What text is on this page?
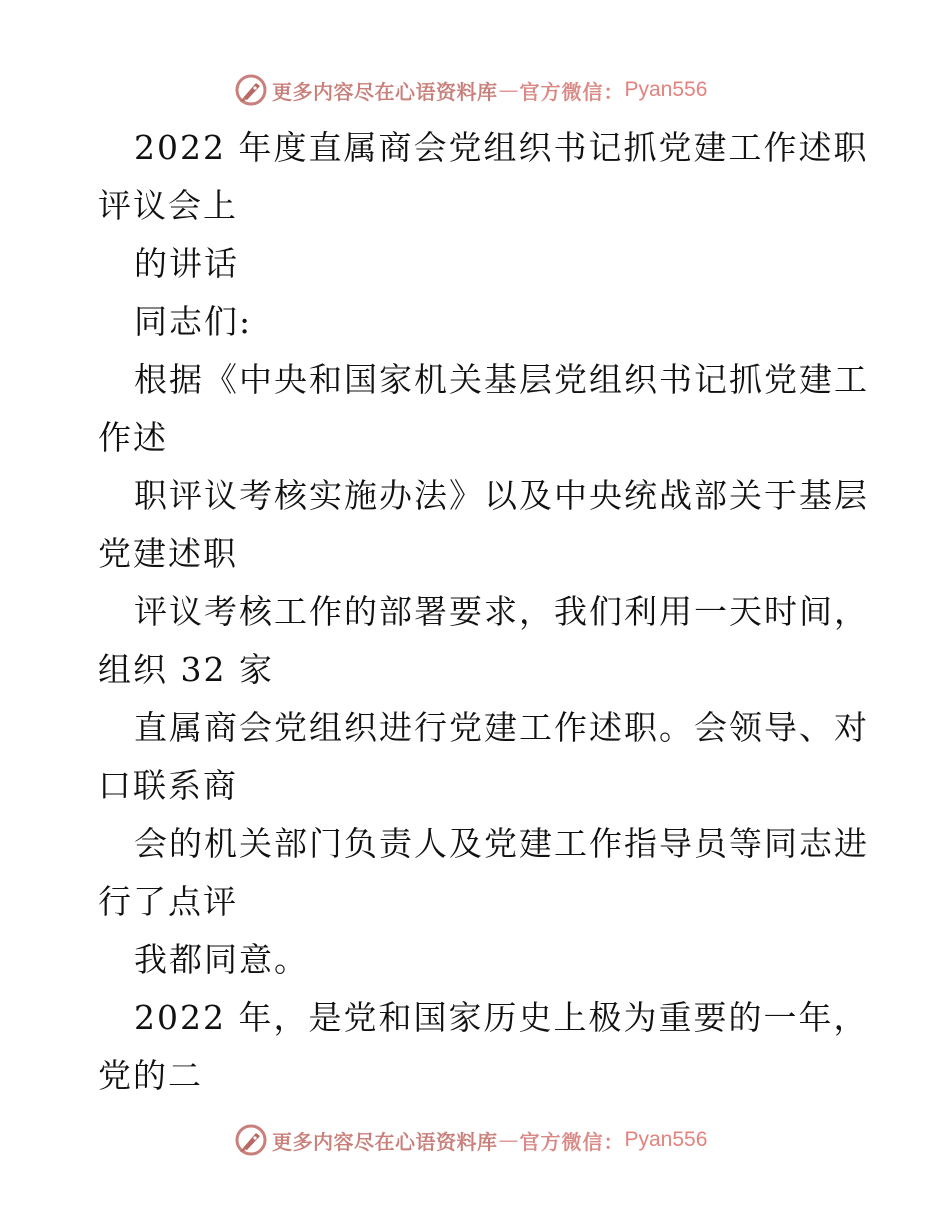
更多内容尽在心语资料库 — 官方微信： Pyan556
2022 年度直属商会党组织书记抓党建工作述职
评议会上
的讲话
同志们:
根据《中央和国家机关基层党组织书记抓党建工
作述
职评议考核实施办法》以及中央统战部关于基层
党建述职
评议考核工作的部署要求，我们利用一天时间，
组织 32 家
直属商会党组织进行党建工作述职。会领导、对
口联系商
会的机关部门负责人及党建工作指导员等同志进
行了点评
我都同意。
2022 年，是党和国家历史上极为重要的一年，
党的二
更多内容尽在心语资料库 — 官方微信： Pyan556
